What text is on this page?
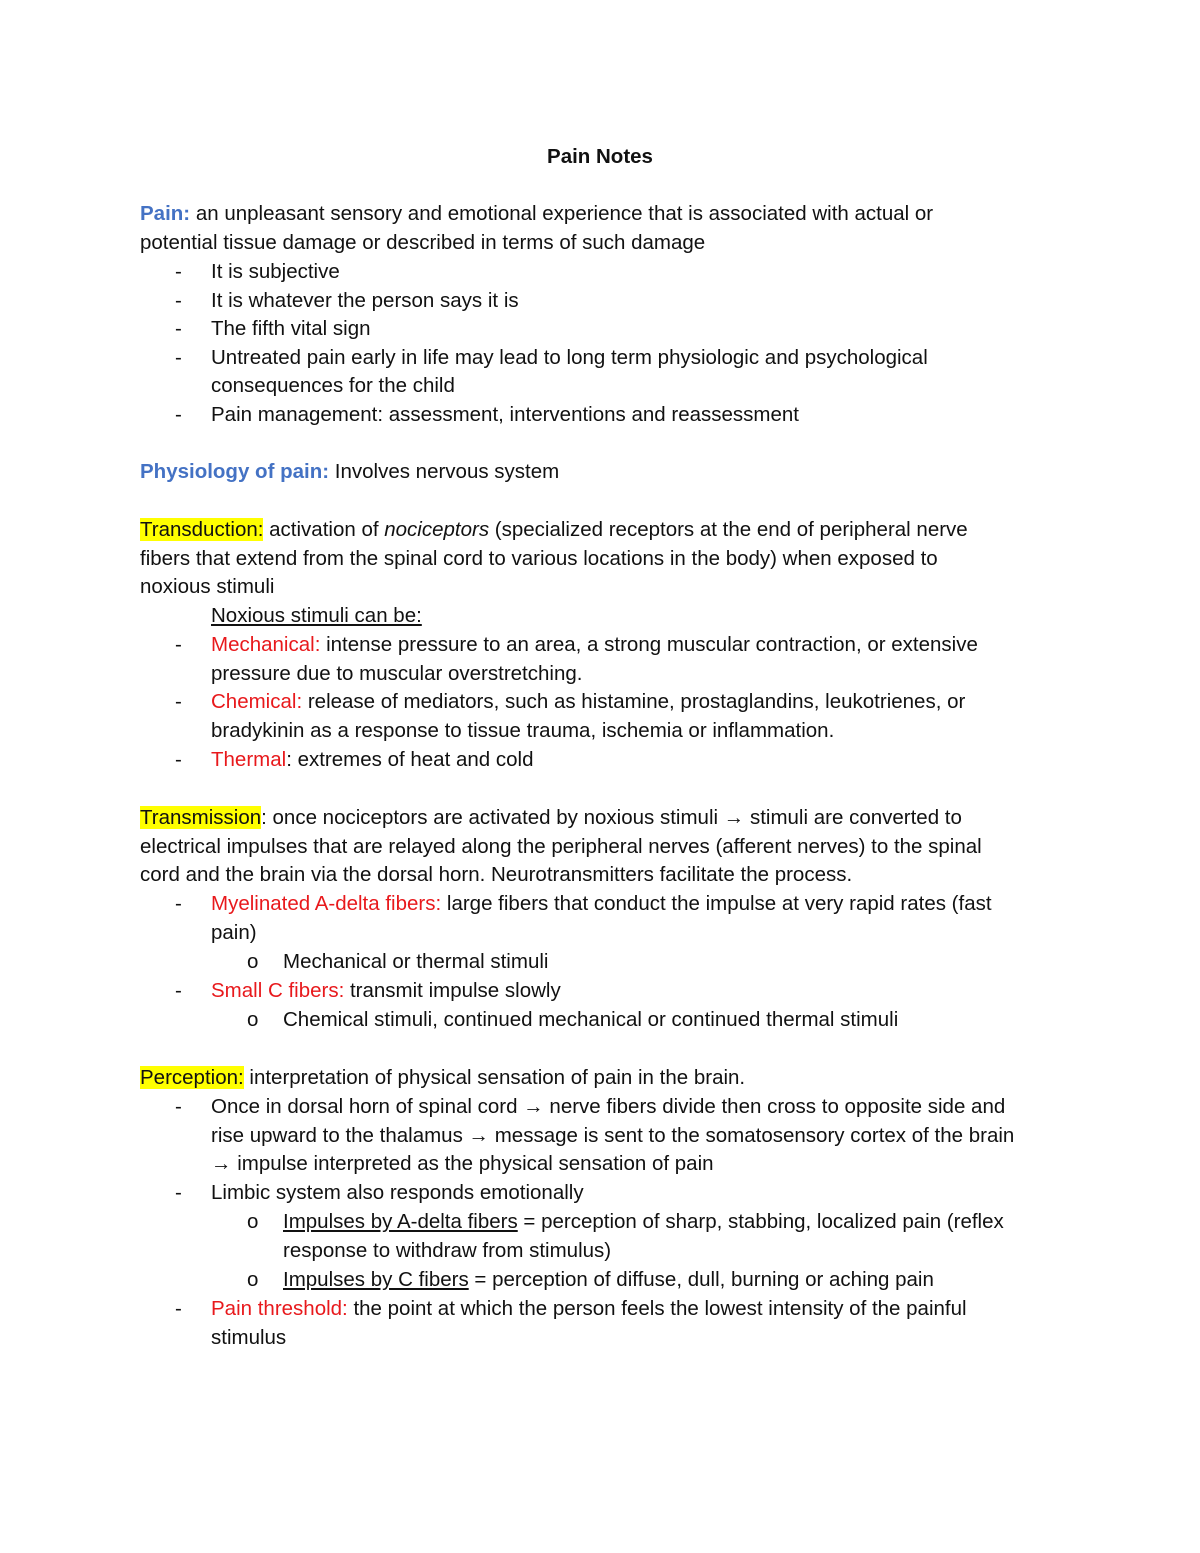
Pain Notes
Pain: an unpleasant sensory and emotional experience that is associated with actual or
potential tissue damage or described in terms of such damage
- It is subjective
- It is whatever the person says it is
- The fifth vital sign
- Untreated pain early in life may lead to long term physiologic and psychological
consequences for the child
- Pain management: assessment, interventions and reassessment
Physiology of pain: Involves nervous system
Transduction: activation of nociceptors (specialized receptors at the end of peripheral nerve
fibers that extend from the spinal cord to various locations in the body) when exposed to
noxious stimuli
Noxious stimuli can be:
- Mechanical: intense pressure to an area, a strong muscular contraction, or extensive
pressure due to muscular overstretching.
- Chemical: release of mediators, such as histamine, prostaglandins, leukotrienes, or
bradykinin as a response to tissue trauma, ischemia or inflammation.
- Thermal: extremes of heat and cold
Transmission: once nociceptors are activated by noxious stimuli → stimuli are converted to
electrical impulses that are relayed along the peripheral nerves (afferent nerves) to the spinal
cord and the brain via the dorsal horn. Neurotransmitters facilitate the process.
- Myelinated A-delta fibers: large fibers that conduct the impulse at very rapid rates (fast
pain)
o Mechanical or thermal stimuli
- Small C fibers: transmit impulse slowly
o Chemical stimuli, continued mechanical or continued thermal stimuli
Perception: interpretation of physical sensation of pain in the brain.
- Once in dorsal horn of spinal cord → nerve fibers divide then cross to opposite side and
rise upward to the thalamus → message is sent to the somatosensory cortex of the brain
→ impulse interpreted as the physical sensation of pain
- Limbic system also responds emotionally
o Impulses by A-delta fibers = perception of sharp, stabbing, localized pain (reflex
response to withdraw from stimulus)
o Impulses by C fibers = perception of diffuse, dull, burning or aching pain
- Pain threshold: the point at which the person feels the lowest intensity of the painful
stimulus
